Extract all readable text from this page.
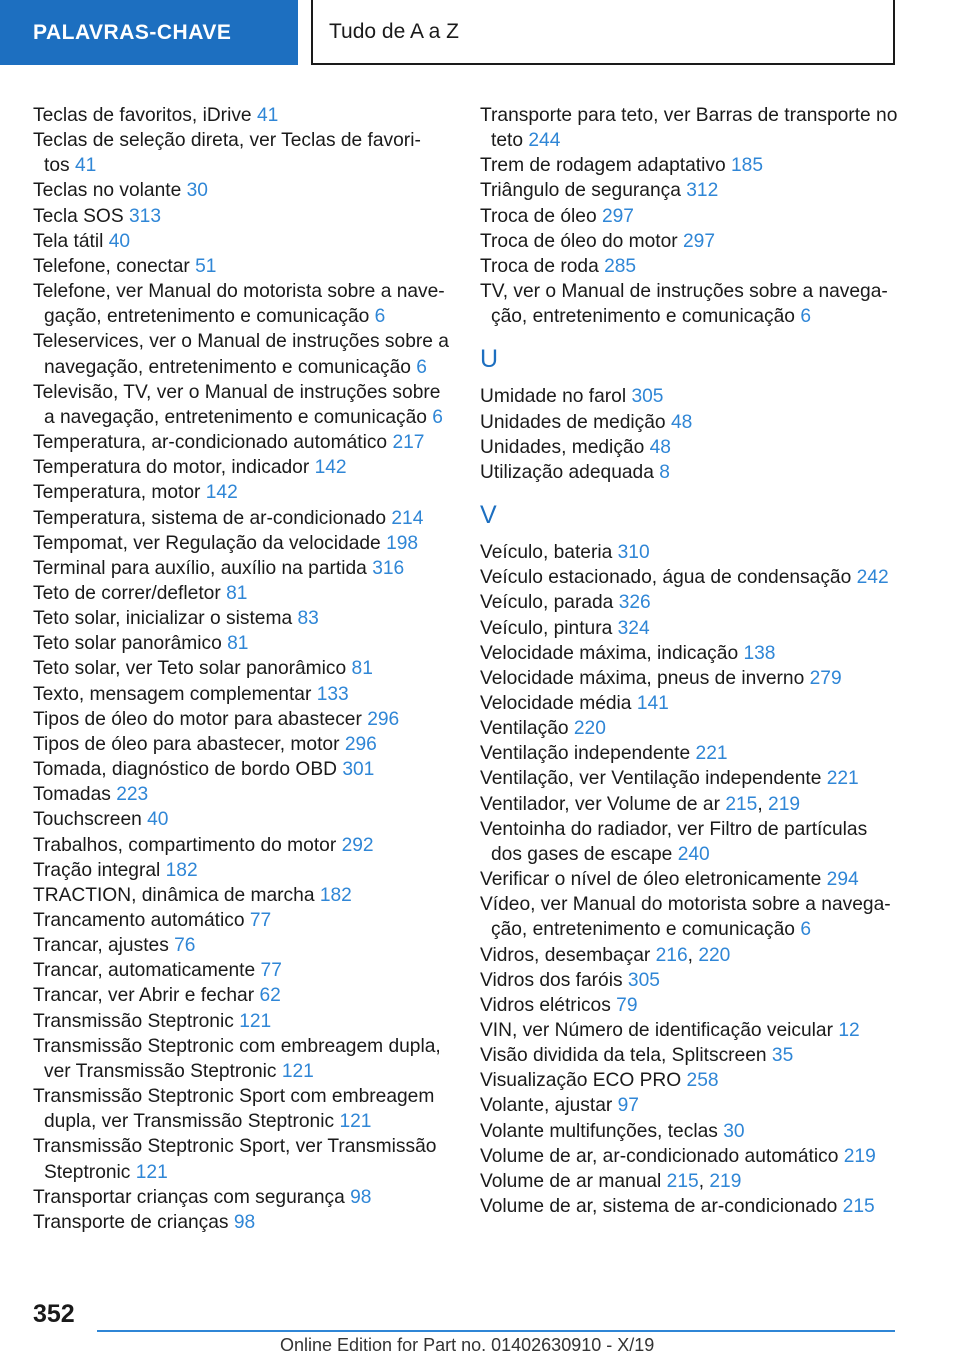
PALAVRAS-CHAVE	Tudo de A a Z
Teclas de favoritos, iDrive 41
Teclas de seleção direta, ver Teclas de favori-
tos 41
Teclas no volante 30
Tecla SOS 313
Tela tátil 40
Telefone, conectar 51
Telefone, ver Manual do motorista sobre a nave-
gação, entretenimento e comunicação 6
Teleservices, ver o Manual de instruções sobre a
navegação, entretenimento e comunicação 6
Televisão, TV, ver o Manual de instruções sobre
a navegação, entretenimento e comunicação 6
Temperatura, ar-condicionado automático 217
Temperatura do motor, indicador 142
Temperatura, motor 142
Temperatura, sistema de ar-condicionado 214
Tempomat, ver Regulação da velocidade 198
Terminal para auxílio, auxílio na partida 316
Teto de correr/defletor 81
Teto solar, inicializar o sistema 83
Teto solar panorâmico 81
Teto solar, ver Teto solar panorâmico 81
Texto, mensagem complementar 133
Tipos de óleo do motor para abastecer 296
Tipos de óleo para abastecer, motor 296
Tomada, diagnóstico de bordo OBD 301
Tomadas 223
Touchscreen 40
Trabalhos, compartimento do motor 292
Tração integral 182
TRACTION, dinâmica de marcha 182
Trancamento automático 77
Trancar, ajustes 76
Trancar, automaticamente 77
Trancar, ver Abrir e fechar 62
Transmissão Steptronic 121
Transmissão Steptronic com embreagem dupla,
ver Transmissão Steptronic 121
Transmissão Steptronic Sport com embreagem
dupla, ver Transmissão Steptronic 121
Transmissão Steptronic Sport, ver Transmissão
Steptronic 121
Transportar crianças com segurança 98
Transporte de crianças 98
Transporte para teto, ver Barras de transporte no
teto 244
Trem de rodagem adaptativo 185
Triângulo de segurança 312
Troca de óleo 297
Troca de óleo do motor 297
Troca de roda 285
TV, ver o Manual de instruções sobre a navega-
ção, entretenimento e comunicação 6
U
Umidade no farol 305
Unidades de medição 48
Unidades, medição 48
Utilização adequada 8
V
Veículo, bateria 310
Veículo estacionado, água de condensação 242
Veículo, parada 326
Veículo, pintura 324
Velocidade máxima, indicação 138
Velocidade máxima, pneus de inverno 279
Velocidade média 141
Ventilação 220
Ventilação independente 221
Ventilação, ver Ventilação independente 221
Ventilador, ver Volume de ar 215, 219
Ventoinha do radiador, ver Filtro de partículas
dos gases de escape 240
Verificar o nível de óleo eletronicamente 294
Vídeo, ver Manual do motorista sobre a navega-
ção, entretenimento e comunicação 6
Vidros, desembaçar 216, 220
Vidros dos faróis 305
Vidros elétricos 79
VIN, ver Número de identificação veicular 12
Visão dividida da tela, Splitscreen 35
Visualização ECO PRO 258
Volante, ajustar 97
Volante multifunções, teclas 30
Volume de ar, ar-condicionado automático 219
Volume de ar manual 215, 219
Volume de ar, sistema de ar-condicionado 215
352
Online Edition for Part no. 01402630910 - X/19
